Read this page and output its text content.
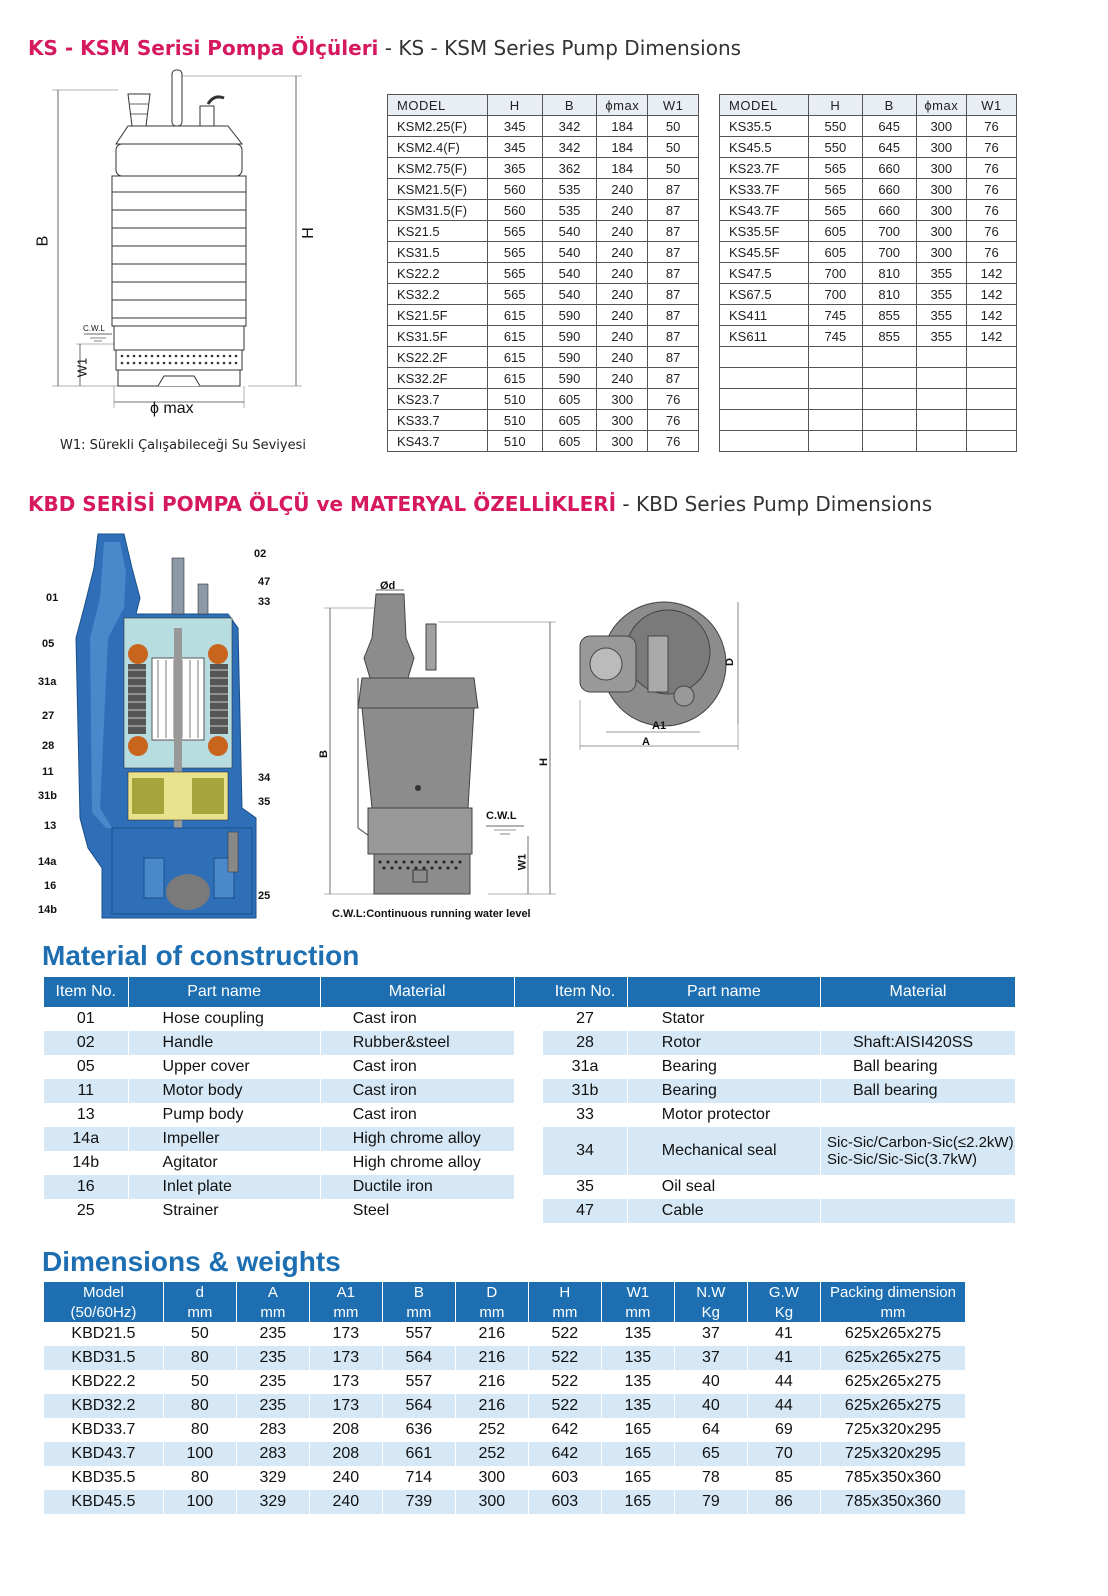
KS - KSM Serisi Pompa Ölçüleri - KS - KSM Series Pump Dimensions
B
H
W1
C.W.L
ϕ max
W1: Sürekli Çalışabileceği Su Seviyesi
MODEL	H	B	ϕmax	W1
KSM2.25(F)	345	342	184	50
KSM2.4(F)	345	342	184	50
KSM2.75(F)	365	362	184	50
KSM21.5(F)	560	535	240	87
KSM31.5(F)	560	535	240	87
KS21.5	565	540	240	87
KS31.5	565	540	240	87
KS22.2	565	540	240	87
KS32.2	565	540	240	87
KS21.5F	615	590	240	87
KS31.5F	615	590	240	87
KS22.2F	615	590	240	87
KS32.2F	615	590	240	87
KS23.7	510	605	300	76
KS33.7	510	605	300	76
KS43.7	510	605	300	76
MODEL	H	B	ϕmax	W1
KS35.5	550	645	300	76
KS45.5	550	645	300	76
KS23.7F	565	660	300	76
KS33.7F	565	660	300	76
KS43.7F	565	660	300	76
KS35.5F	605	700	300	76
KS45.5F	605	700	300	76
KS47.5	700	810	355	142
KS67.5	700	810	355	142
KS411	745	855	355	142
KS611	745	855	355	142

KBD SERİSİ POMPA ÖLÇÜ ve MATERYAL ÖZELLİKLERİ - KBD Series Pump Dimensions
02
47
33
01
05
31a
27
28
11
31b
34
35
13
14a
16
14b
25
Ød
B
H
C.W.L
W1
C.W.L:Continuous running water level
D
A1
A
Material of construction
Item No.	Part name	Material		Item No.	Part name	Material
01	Hose coupling	Cast iron		27	Stator	
02	Handle	Rubber&steel		28	Rotor	Shaft:AISI420SS
05	Upper cover	Cast iron		31a	Bearing	Ball bearing
11	Motor body	Cast iron		31b	Bearing	Ball bearing
13	Pump body	Cast iron		33	Motor protector	
14a	Impeller	High chrome alloy		34	Mechanical seal	Sic-Sic/Carbon-Sic(≤2.2kW)
Sic-Sic/Sic-Sic(3.7kW)

14b	Agitator	High chrome alloy				
16	Inlet plate	Ductile iron		35	Oil seal	
25	Strainer	Steel		47	Cable	
Dimensions & weights
Model	d	A	A1	B	D	H	W1	N.W	G.W	Packing dimension
(50/60Hz)	mm	mm	mm	mm	mm	mm	mm	Kg	Kg	mm
KBD21.5	50	235	173	557	216	522	135	37	41	625x265x275
KBD31.5	80	235	173	564	216	522	135	37	41	625x265x275
KBD22.2	50	235	173	557	216	522	135	40	44	625x265x275
KBD32.2	80	235	173	564	216	522	135	40	44	625x265x275
KBD33.7	80	283	208	636	252	642	165	64	69	725x320x295
KBD43.7	100	283	208	661	252	642	165	65	70	725x320x295
KBD35.5	80	329	240	714	300	603	165	78	85	785x350x360
KBD45.5	100	329	240	739	300	603	165	79	86	785x350x360
